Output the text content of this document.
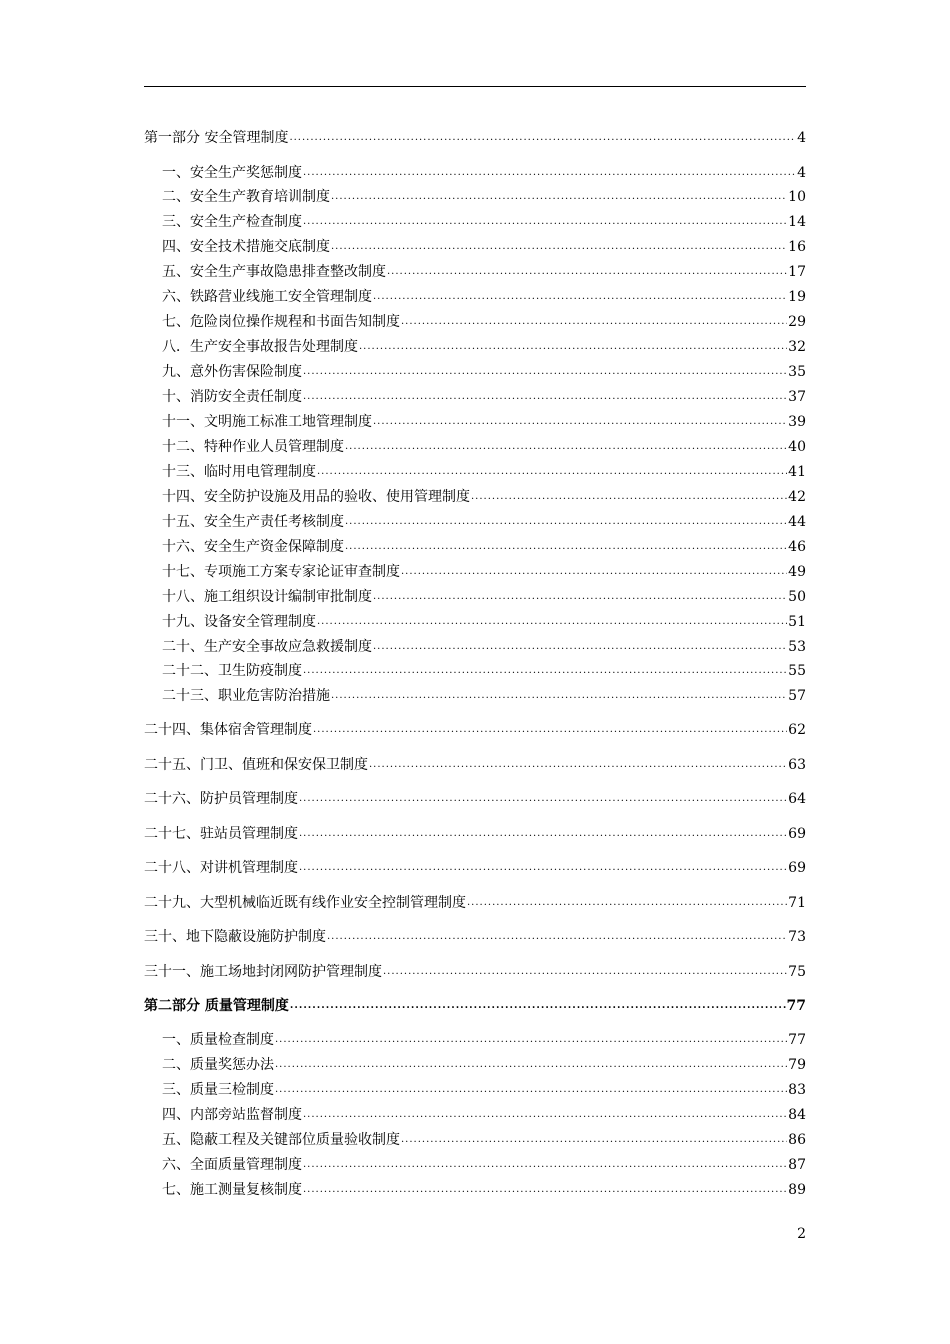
第一部分 安全管理制度 .....	4
一、安全生产奖惩制度 .....	4
二、安全生产教育培训制度 .....	10
三、安全生产检查制度 .....	14
四、安全技术措施交底制度 .....	16
五、安全生产事故隐患排查整改制度 .....	17
六、铁路营业线施工安全管理制度 .....	19
七、危险岗位操作规程和书面告知制度 .....	29
八．生产安全事故报告处理制度 .....	32
九、意外伤害保险制度 .....	35
十、消防安全责任制度 .....	37
十一、文明施工标准工地管理制度 .....	39
十二、特种作业人员管理制度 .....	40
十三、临时用电管理制度 .....	41
十四、安全防护设施及用品的验收、使用管理制度 .....	42
十五、安全生产责任考核制度 .....	44
十六、安全生产资金保障制度 .....	46
十七、专项施工方案专家论证审查制度 .....	49
十八、施工组织设计编制审批制度 .....	50
十九、设备安全管理制度 .....	51
二十、生产安全事故应急救援制度 .....	53
二十二、卫生防疫制度 .....	55
二十三、职业危害防治措施 .....	57
二十四、集体宿舍管理制度 .....	62
二十五、门卫、值班和保安保卫制度 .....	63
二十六、防护员管理制度 .....	64
二十七、驻站员管理制度 .....	69
二十八、对讲机管理制度 .....	69
二十九、大型机械临近既有线作业安全控制管理制度 .....	71
三十、地下隐蔽设施防护制度 .....	73
三十一、施工场地封闭网防护管理制度 .....	75
第二部分 质量管理制度 .....	77
一、质量检查制度 .....	77
二、质量奖惩办法 .....	79
三、质量三检制度 .....	83
四、内部旁站监督制度 .....	84
五、隐蔽工程及关键部位质量验收制度 .....	86
六、全面质量管理制度 .....	87
七、施工测量复核制度 .....	89
2
